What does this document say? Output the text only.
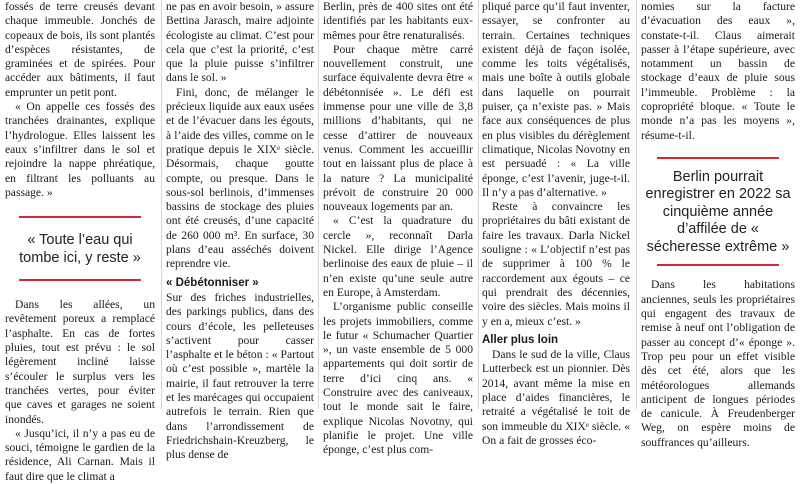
fossés de terre creusés devant chaque immeuble. Jonchés de copeaux de bois, ils sont plantés d’espèces résistantes, de graminées et de spirées. Pour accéder aux bâtiments, il faut emprunter un petit pont.

« On appelle ces fossés des tranchées drainantes, explique l’hydrologue. Elles laissent les eaux s’infiltrer dans le sol et rejoindre la nappe phréatique, en filtrant les polluants au passage. »

« Toute l’eau qui tombe ici, y reste »

Dans les allées, un revêtement poreux a remplacé l’asphalte. En cas de fortes pluies, tout est prévu : le sol légèrement incliné laisse s’écouler le surplus vers les tranchées vertes, pour éviter que caves et garages ne soient inondés.

« Jusqu’ici, il n’y a pas eu de souci, témoigne le gardien de la résidence, Ali Carnan. Mais il faut dire que le climat a

ne pas en avoir besoin, » assure Bettina Jarasch, maire adjointe écologiste au climat. C’est pour cela que c’est la priorité, c’est que la pluie puisse s’infiltrer dans le sol. »

Fini, donc, de mélanger le précieux liquide aux eaux usées et de l’évacuer dans les égouts, à l’aide des villes, comme on le pratique depuis le XIXᵉ siècle. Désormais, chaque goutte compte, ou presque. Dans le sous-sol berlinois, d’immenses bassins de stockage des pluies ont été creusés, d’une capacité de 260 000 m³. En surface, 30 plans d’eau asséchés doivent reprendre vie.

« Débétonniser »

Sur des friches industrielles, des parkings publics, dans des cours d’école, les pelleteuses s’activent pour casser l’asphalte et le béton : « Partout où c’est possible », martèle la mairie, il faut retrouver la terre et les marécages qui occupaient autrefois le terrain. Rien que dans l’arrondissement de Friedrichshain-Kreuzberg, le plus dense de

Berlin, près de 400 sites ont été identifiés par les habitants eux-mêmes pour être renaturalisés.

Pour chaque mètre carré nouvellement construit, une surface équivalente devra être « débétonnisée ». Le défi est immense pour une ville de 3,8 millions d’habitants, qui ne cesse d’attirer de nouveaux venus. Comment les accueillir tout en laissant plus de place à la nature ? La municipalité prévoit de construire 20 000 nouveaux logements par an.

« C’est la quadrature du cercle », reconnaît Darla Nickel. Elle dirige l’Agence berlinoise des eaux de pluie – il n’en existe qu’une seule autre en Europe, à Amsterdam.

L’organisme public conseille les projets immobiliers, comme le futur « Schumacher Quartier », un vaste ensemble de 5 000 appartements qui doit sortir de terre d’ici cinq ans. « Construire avec des caniveaux, tout le monde sait le faire, explique Nicolas Novotny, qui planifie le projet. Une ville éponge, c’est plus com-

pliqué parce qu’il faut inventer, essayer, se confronter au terrain. Certaines techniques existent déjà de façon isolée, comme les toits végétalisés, mais une boîte à outils globale dans laquelle on pourrait puiser, ça n’existe pas. » Mais face aux conséquences de plus en plus visibles du dérèglement climatique, Nicolas Novotny en est persuadé : « La ville éponge, c’est l’avenir, juge-t-il. Il n’y a pas d’alternative. »

Reste à convaincre les propriétaires du bâti existant de faire les travaux. Darla Nickel souligne : « L’objectif n’est pas de supprimer à 100 % le raccordement aux égouts – ce qui prendrait des décennies, voire des siècles. Mais moins il y en a, mieux c’est. »

Aller plus loin

Dans le sud de la ville, Claus Lutterbeck est un pionnier. Dès 2014, avant même la mise en place d’aides financières, le retraité a végétalisé le toit de son immeuble du XIXᵉ siècle. « On a fait de grosses éco-

nomies sur la facture d’évacuation des eaux », constate-t-il. Claus aimerait passer à l’étape supérieure, avec notamment un bassin de stockage d’eaux de pluie sous l’immeuble. Problème : la copropriété bloque. « Toute le monde n’a pas les moyens », résume-t-il.

Berlin pourrait enregistrer en 2022 sa cinquième année d’affilée de « sécheresse extrême »

Dans les habitations anciennes, seuls les propriétaires qui engagent des travaux de remise à neuf ont l’obligation de passer au concept d’« éponge ». Trop peu pour un effet visible dès cet été, alors que les météorologues allemands anticipent de longues périodes de canicule. À Freudenberger Weg, on espère moins de souffrances qu’ailleurs.
